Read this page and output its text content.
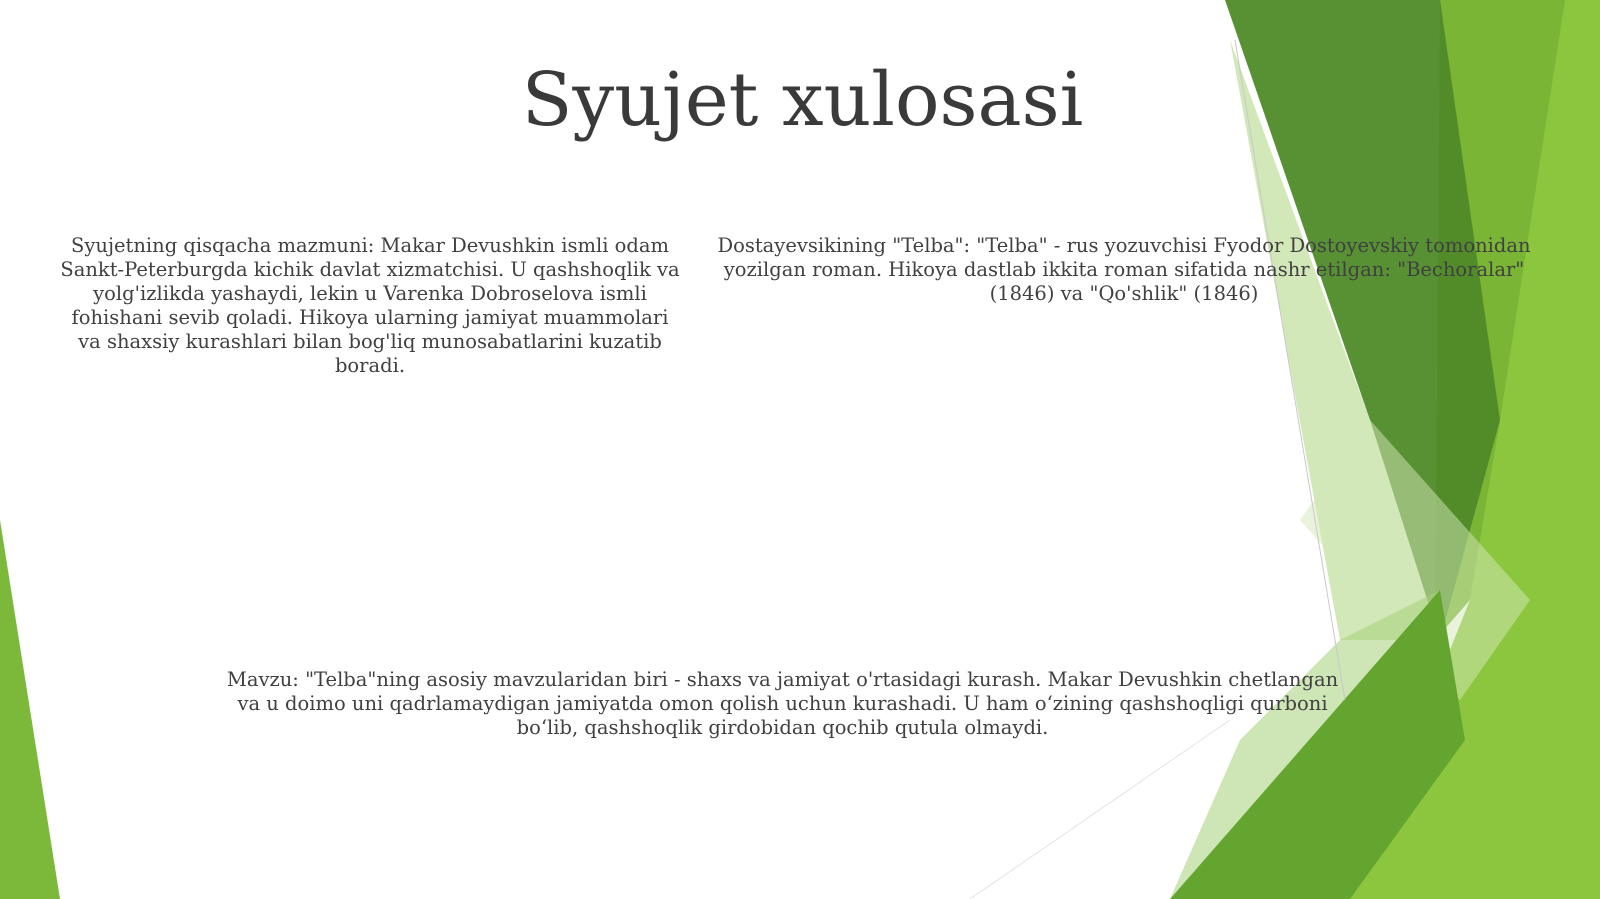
Syujet xulosasi

Syujetning qisqacha mazmuni: Makar Devushkin ismli odam Sankt-Peterburgda kichik davlat xizmatchisi. U qashshoqlik va yolg'izlikda yashaydi, lekin u Varenka Dobroselova ismli fohishani sevib qoladi. Hikoya ularning jamiyat muammolari va shaxsiy kurashlari bilan bog'liq munosabatlarini kuzatib boradi.

Dostayevsikining "Telba": "Telba" - rus yozuvchisi Fyodor Dostoyevskiy tomonidan yozilgan roman. Hikoya dastlab ikkita roman sifatida nashr etilgan: "Bechoralar" (1846) va "Qo'shlik" (1846)

Mavzu: "Telba"ning asosiy mavzularidan biri - shaxs va jamiyat o'rtasidagi kurash. Makar Devushkin chetlangan va u doimo uni qadrlamaydigan jamiyatda omon qolish uchun kurashadi. U ham o‘zining qashshoqligi qurboni bo‘lib, qashshoqlik girdobidan qochib qutula olmaydi.
